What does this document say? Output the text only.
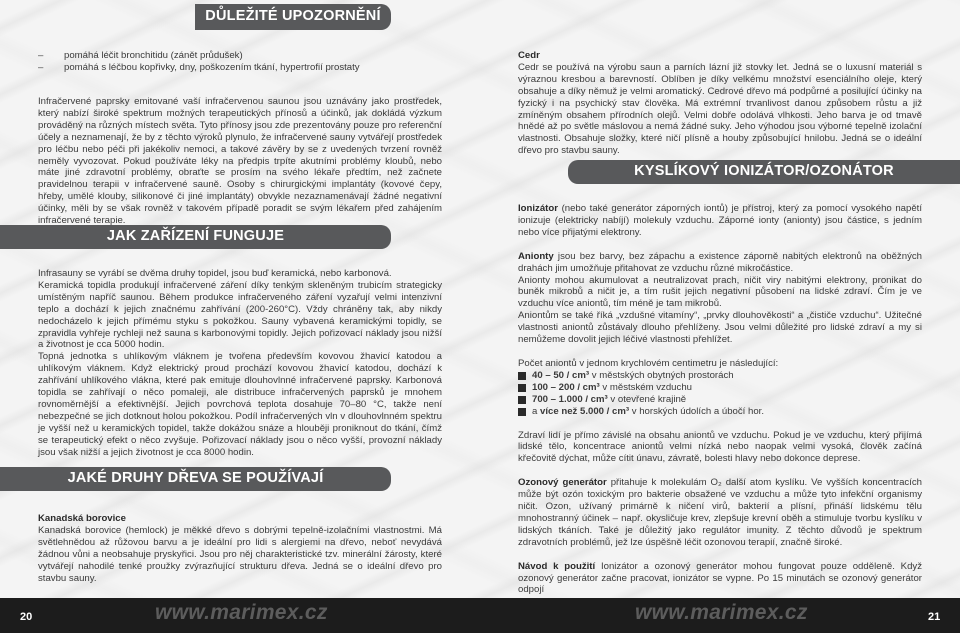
DŮLEŽITÉ UPOZORNĚNÍ
JAK ZAŘÍZENÍ FUNGUJE
JAKÉ DRUHY DŘEVA SE POUŽÍVAJÍ
KYSLÍKOVÝ IONIZÁTOR/OZONÁTOR
–	pomáhá léčit bronchitidu (zánět průdušek)
–	pomáhá s léčbou kopřivky, dny, poškozením tkání, hypertrofií prostaty
Infračervené paprsky emitované vaší infračervenou saunou jsou uznávány jako prostředek, který nabízí široké spektrum možných terapeutických přínosů a účinků, jak dokládá výzkum prováděný na různých místech světa. Tyto přínosy jsou zde prezentovány pouze pro referenční účely a neznamenají, že by z těchto výroků plynulo, že infračervené sauny vytvářejí prostředek pro léčbu nebo péči při jakékoliv nemoci, a takové závěry by se z uvedených tvrzení rovněž neměly vyvozovat. Pokud používáte léky na předpis trpíte akutními problémy kloubů, nebo máte jiné zdravotní problémy, obraťte se prosím na svého lékaře předtím, než začnete pravidelnou terapii v infračervené sauně. Osoby s chirurgickými implantáty (kovové čepy, hřeby, umělé klouby, silikonové či jiné implantáty) obvykle nezaznamenávají žádné negativní účinky, měli by se však rovněž v takovém případě poradit se svým lékařem před zahájením infračervené terapie.

Infrasauny se vyrábí se dvěma druhy topidel, jsou buď keramická, nebo karbonová.

Keramická topidla produkují infračervené záření díky tenkým skleněným trubicím strategicky umístěným napříč saunou. Během produkce infračerveného záření vyzařují velmi intenzivní teplo a dochází k jejich značnému zahřívání (200-260°C). Vždy chráněny tak, aby nikdy nedocházelo k jejich přímému styku s pokožkou. Sauny vybavená keramickými topidly, se zpravidla vyhřeje rychleji než sauna s karbonovými topidly. Jejich pořizovací náklady jsou nižší a životnost je cca 5000 hodin.

Topná jednotka s uhlíkovým vláknem je tvořena především kovovou žhavicí katodou a uhlíkovým vláknem. Když elektrický proud prochází kovovou žhavicí katodou, dochází k zahřívání uhlíkového vlákna, které pak emituje dlouhovlnné infračervené paprsky. Karbonová topidla se zahřívají o něco pomaleji, ale distribuce infračervených paprsků je mnohem rovnoměrnější a efektivnější. Jejich povrchová teplota dosahuje 70–80 °C, takže není nebezpečné se jich dotknout holou pokožkou. Podíl infračervených vln v dlouhovlnném spektru je vyšší než u keramických topidel, takže dokážou snáze a hlouběji proniknout do tkání, čímž se terapeutický efekt o něco zvyšuje. Pořizovací náklady jsou o něco vyšší, provozní náklady jsou však nižší a jejich životnost je cca 8000 hodin.

Kanadská borovice

Kanadská borovice (hemlock) je měkké dřevo s dobrými tepelně-izolačními vlastnostmi. Má světlehnědou až růžovou barvu a je ideální pro lidi s alergiemi na dřevo, neboť nevydává žádnou vůni a neobsahuje pryskyřici. Jsou pro něj charakteristické tzv. minerální žárosty, které vytvářejí nahodilé tenké proužky zvýrazňující strukturu dřeva. Jedná se o ideální dřevo pro stavbu sauny.

Cedr

Cedr se používá na výrobu saun a parních lázní již stovky let. Jedná se o luxusní materiál s výraznou kresbou a barevností. Oblíben je díky velkému množství esenciálního oleje, který obsahuje a díky němuž je velmi aromatický. Cedrové dřevo má podpůrné a posilující účinky na fyzický i na psychický stav člověka. Má extrémní trvanlivost danou způsobem růstu a již zmíněným obsahem přírodních olejů. Velmi dobře odolává vlhkosti. Jeho barva je od tmavě hnědé až po světle máslovou a nemá žádné suky. Jeho výhodou jsou výborné tepelně izolační vlastnosti. Obsahuje složky, které ničí plísně a houby způsobující hnilobu. Jedná se o ideální dřevo pro stavbu sauny.

Ionizátor (nebo také generátor záporných iontů) je přístroj, který za pomocí vysokého napětí ionizuje (elektricky nabíjí) molekuly vzduchu. Záporné ionty (anionty) jsou částice, s jedním nebo více přijatými elektrony.

Anionty jsou bez barvy, bez zápachu a existence záporně nabitých elektronů na oběžných drahách jim umožňuje přitahovat ze vzduchu různé mikročástice.

Anionty mohou akumulovat a neutralizovat prach, ničit viry nabitými elektrony, pronikat do buněk mikrobů a ničit je, a tím rušit jejich negativní působení na lidské zdraví. Čím je ve vzduchu více aniontů, tím méně je tam mikrobů.

Aniontům se také říká „vzdušné vitamíny“, „prvky dlouhověkosti“ a „čističe vzduchu“. Užitečné vlastnosti aniontů zůstávaly dlouho přehlíženy. Jsou velmi důležité pro lidské zdraví a my si nemůžeme dovolit jejich léčivé vlastnosti přehlížet.

Počet aniontů v jednom krychlovém centimetru je následující:

40 – 50 / cm³ v městských obytných prostorách
100 – 200 / cm³ v městském vzduchu
700 – 1.000 / cm³ v otevřené krajině
a více než 5.000 / cm³ v horských údolích a úbočí hor.

Zdraví lidí je přímo závislé na obsahu aniontů ve vzduchu. Pokud je ve vzduchu, který přijímá lidské tělo, koncentrace aniontů velmi nízká nebo naopak velmi vysoká, člověk začíná křečovitě dýchat, může cítit únavu, závratě, bolesti hlavy nebo dokonce deprese.

Ozonový generátor přitahuje k molekulám O₂ další atom kyslíku. Ve vyšších koncentracích může být ozón toxickým pro bakterie obsažené ve vzduchu a může tyto infekční organismy ničit. Ozon, užívaný primárně k ničení virů, bakterií a plísní, přináší lidskému tělu mnohostranný účinek – např. okysličuje krev, zlepšuje krevní oběh a stimuluje tvorbu kyslíku v lidských tkáních. Také je důležitý jako regulátor imunity. Z těchto důvodů je spektrum zdravotních problémů, jež lze úspěšně léčit ozonovou terapií, značně široké.

Návod k použití Ionizátor a ozonový generátor mohou fungovat pouze odděleně. Když ozonový generátor začne pracovat, ionizátor se vypne. Po 15 minutách se ozonový generátor odpojí

20	www.marimex.cz	www.marimex.cz	21
